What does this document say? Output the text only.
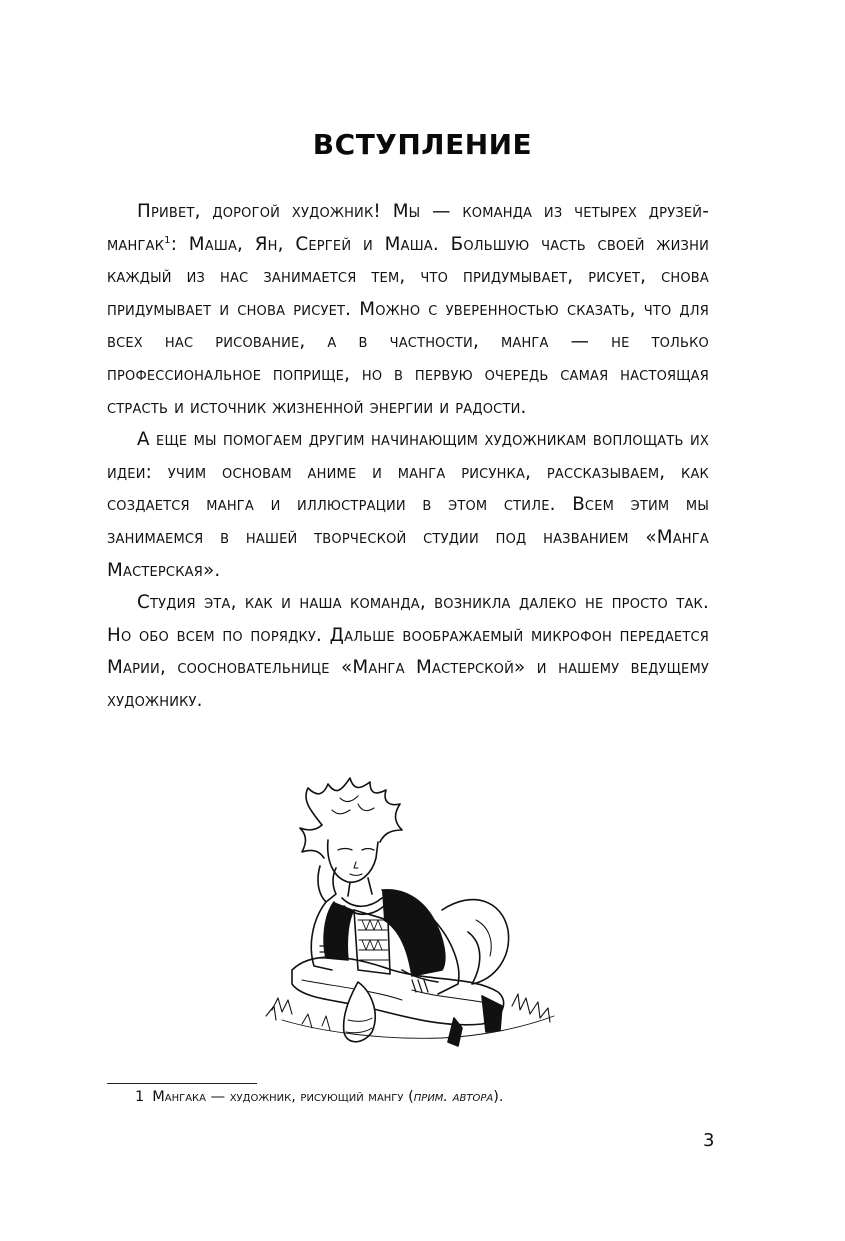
ВСТУПЛЕНИЕ

Привет, дорогой художник! Мы — команда из четырех друзей-мангак$^1$: Маша, Ян, Сергей и Маша. Большую часть своей жизни каждый из нас занимается тем, что придумывает, рисует, снова придумывает и снова рисует. Можно с уверенностью сказать, что для всех нас рисование, а в частности, манга — не только профессиональное поприще, но в первую очередь самая настоящая страсть и источник жизненной энергии и радости.

А еще мы помогаем другим начинающим художникам воплощать их идеи: учим основам аниме и манга рисунка, рассказываем, как создается манга и иллюстрации в этом стиле. Всем этим мы занимаемся в нашей творческой студии под названием «Манга Мастерская».

Студия эта, как и наша команда, возникла далеко не просто так. Но обо всем по порядку. Дальше воображаемый микрофон передается Марии, соосновательнице «Манга Мастерской» и нашему ведущему художнику.

1 Мангака — художник, рисующий мангу (прим. автора).
3
